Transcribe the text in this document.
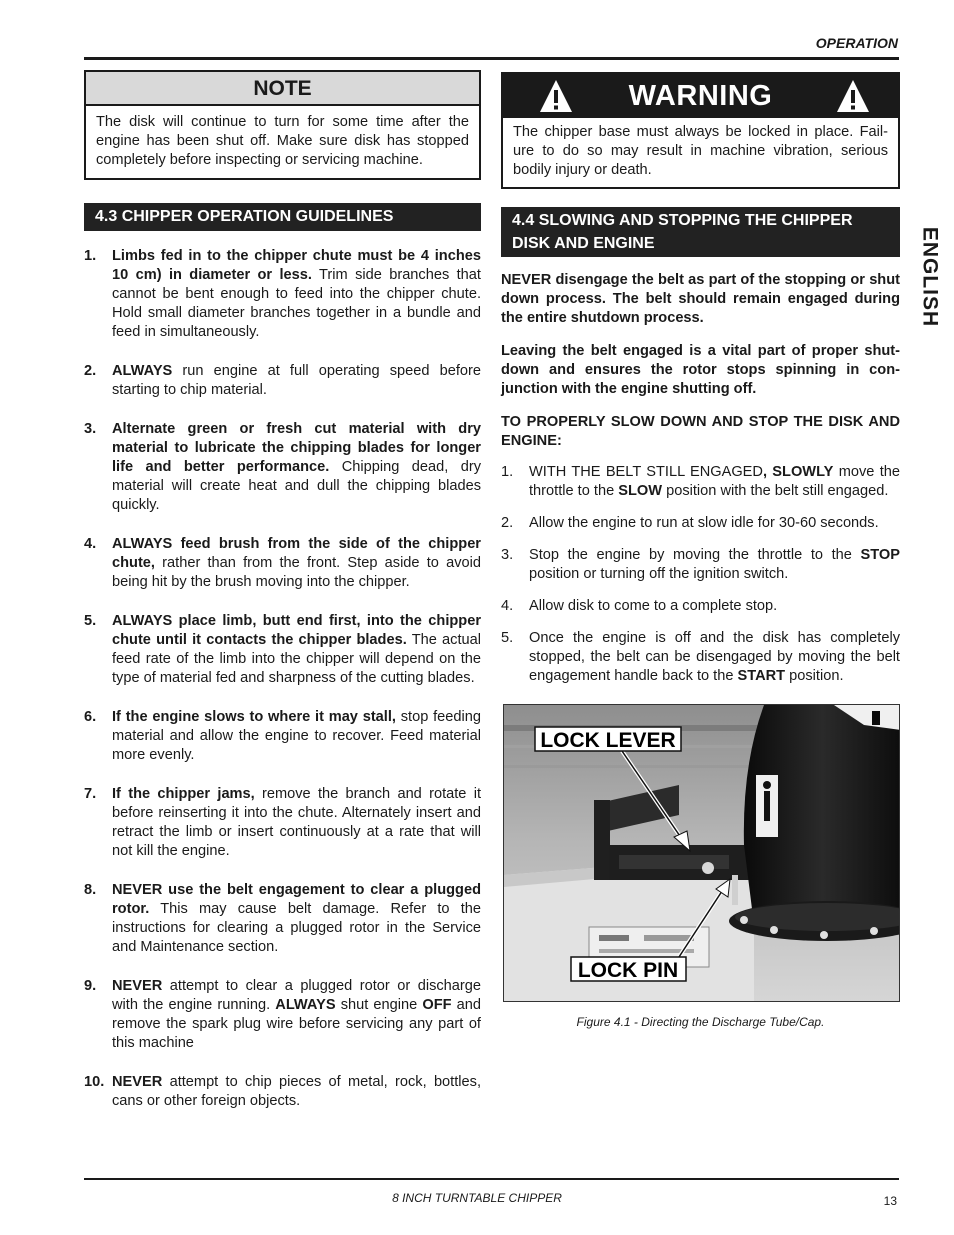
OPERATION
ENGLISH
NOTE
The disk will continue to turn for some time after the engine has been shut off. Make sure disk has stopped completely before inspecting or servicing machine.
4.3 CHIPPER OPERATION GUIDELINES
1. Limbs fed in to the chipper chute must be 4 inches 10 cm) in diameter or less. Trim side branches that cannot be bent enough to feed into the chipper chute. Hold small diameter branches together in a bundle and feed in simultaneously.
2. ALWAYS run engine at full operating speed before starting to chip material.
3. Alternate green or fresh cut material with dry material to lubricate the chipping blades for longer life and better performance. Chipping dead, dry material will create heat and dull the chipping blades quickly.
4. ALWAYS feed brush from the side of the chipper chute, rather than from the front. Step aside to avoid being hit by the brush moving into the chipper.
5. ALWAYS place limb, butt end first, into the chipper chute until it contacts the chipper blades. The actual feed rate of the limb into the chipper will depend on the type of material fed and sharpness of the cutting blades.
6. If the engine slows to where it may stall, stop feeding material and allow the engine to recover. Feed material more evenly.
7. If the chipper jams, remove the branch and rotate it before reinserting it into the chute. Alternately insert and retract the limb or insert continuously at a rate that will not kill the engine.
8. NEVER use the belt engagement to clear a plugged rotor. This may cause belt damage. Refer to the instructions for clearing a plugged rotor in the Service and Maintenance section.
9. NEVER attempt to clear a plugged rotor or discharge with the engine running. ALWAYS shut engine OFF and remove the spark plug wire before servicing any part of this machine
10. NEVER attempt to chip pieces of metal, rock, bottles, cans or other foreign objects.
WARNING
The chipper base must always be locked in place. Fail-ure to do so may result in machine vibration, serious bodily injury or death.
4.4 SLOWING AND STOPPING THE CHIPPER DISK AND ENGINE

NEVER disengage the belt as part of the stopping or shut down process. The belt should remain engaged during the entire shutdown process.

Leaving the belt engaged is a vital part of proper shut-down and ensures the rotor stops spinning in con-junction with the engine shutting off.

TO PROPERLY SLOW DOWN AND STOP THE DISK AND ENGINE:

1. WITH THE BELT STILL ENGAGED, SLOWLY move the throttle to the SLOW position with the belt still engaged.
2. Allow the engine to run at slow idle for 30-60 seconds.
3. Stop the engine by moving the throttle to the STOP position or turning off the ignition switch.
4. Allow disk to come to a complete stop.
5. Once the engine is off and the disk has completely stopped, the belt can be disengaged by moving the belt engagement handle back to the START position.
LOCK LEVER
LOCK PIN
Figure 4.1 - Directing the Discharge Tube/Cap.
8 INCH TURNTABLE CHIPPER	13
